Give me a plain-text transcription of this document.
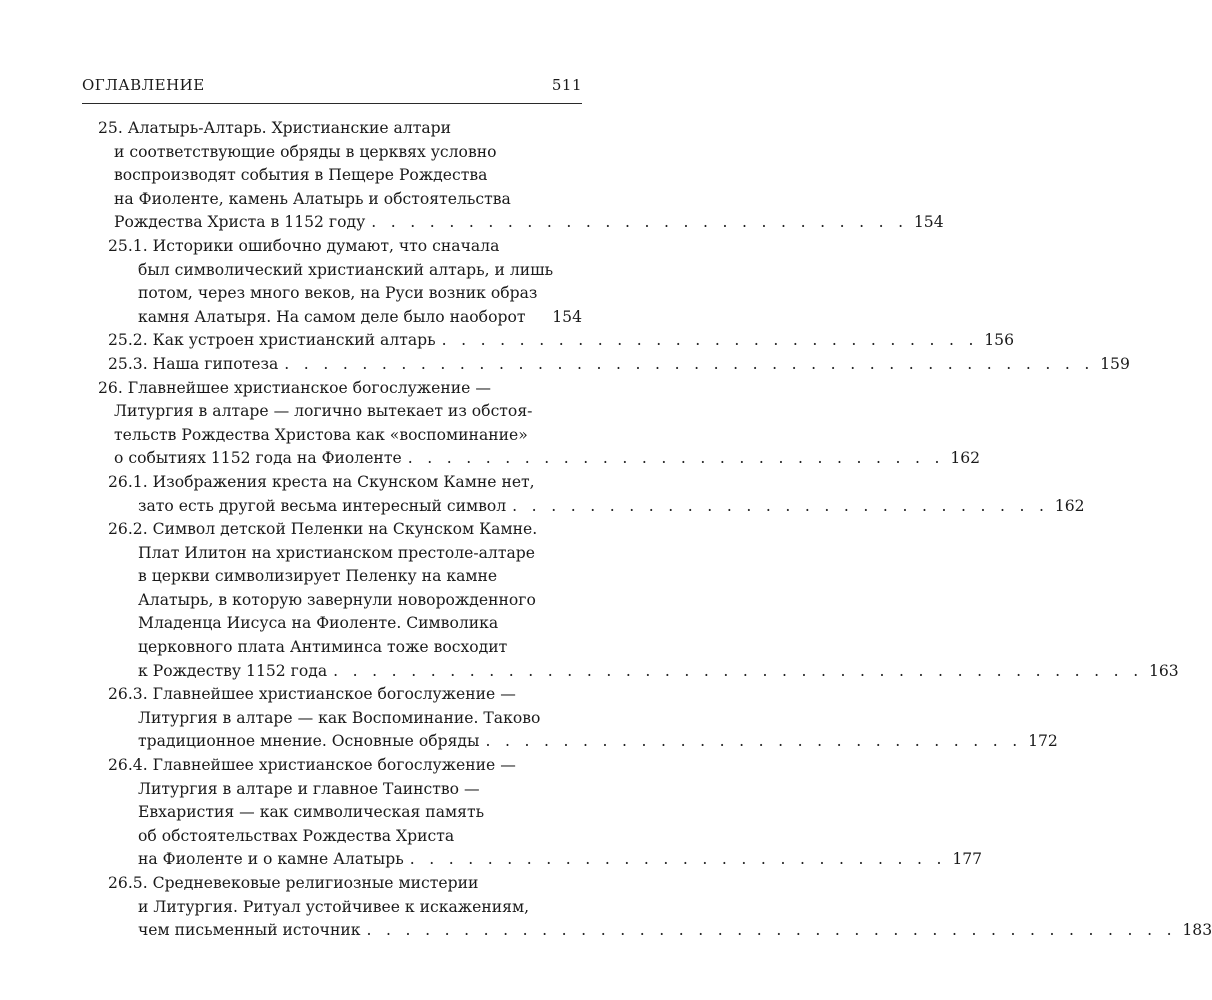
ОГЛАВЛЕНИЕ	511
25. Алатырь-Алтарь. Христианские алтари
и соответствующие обряды в церквях условно
воспроизводят события в Пещере Рождества
на Фиоленте, камень Алатырь и обстоятельства
Рождества Христа в 1152 году . . . . . . . . . . . . . . . . . . . . . . . . . . . . 154
25.1. Историки ошибочно думают, что сначала
был символический христианский алтарь, и лишь
потом, через много веков, на Руси возник образ
камня Алатыря. На самом деле было наоборот 154
25.2. Как устроен христианский алтарь . . . . . . . . . . . . . . . . . . . . . . . . . . . . 156
25.3. Наша гипотеза . . . . . . . . . . . . . . . . . . . . . . . . . . . . . . . . . . . . . . . . . . 159
26. Главнейшее христианское богослужение —
Литургия в алтаре — логично вытекает из обстоя-
тельств Рождества Христова как «воспоминание»
о событиях 1152 года на Фиоленте . . . . . . . . . . . . . . . . . . . . . . . . . . . . 162
26.1. Изображения креста на Скунском Камне нет,
зато есть другой весьма интересный символ . . . . . . . . . . . . . . . . . . . . . . . . . . . . 162
26.2. Символ детской Пеленки на Скунском Камне.
Плат Илитон на христианском престоле-алтаре
в церкви символизирует Пеленку на камне
Алатырь, в которую завернули новорожденного
Младенца Иисуса на Фиоленте. Символика
церковного плата Антиминса тоже восходит
к Рождеству 1152 года . . . . . . . . . . . . . . . . . . . . . . . . . . . . . . . . . . . . . . . . . . 163
26.3. Главнейшее христианское богослужение —
Литургия в алтаре — как Воспоминание. Таково
традиционное мнение. Основные обряды . . . . . . . . . . . . . . . . . . . . . . . . . . . . 172
26.4. Главнейшее христианское богослужение —
Литургия в алтаре и главное Таинство —
Евхаристия — как символическая память
об обстоятельствах Рождества Христа
на Фиоленте и о камне Алатырь . . . . . . . . . . . . . . . . . . . . . . . . . . . . 177
26.5. Средневековые религиозные мистерии
и Литургия. Ритуал устойчивее к искажениям,
чем письменный источник . . . . . . . . . . . . . . . . . . . . . . . . . . . . . . . . . . . . . . . . . . 183
